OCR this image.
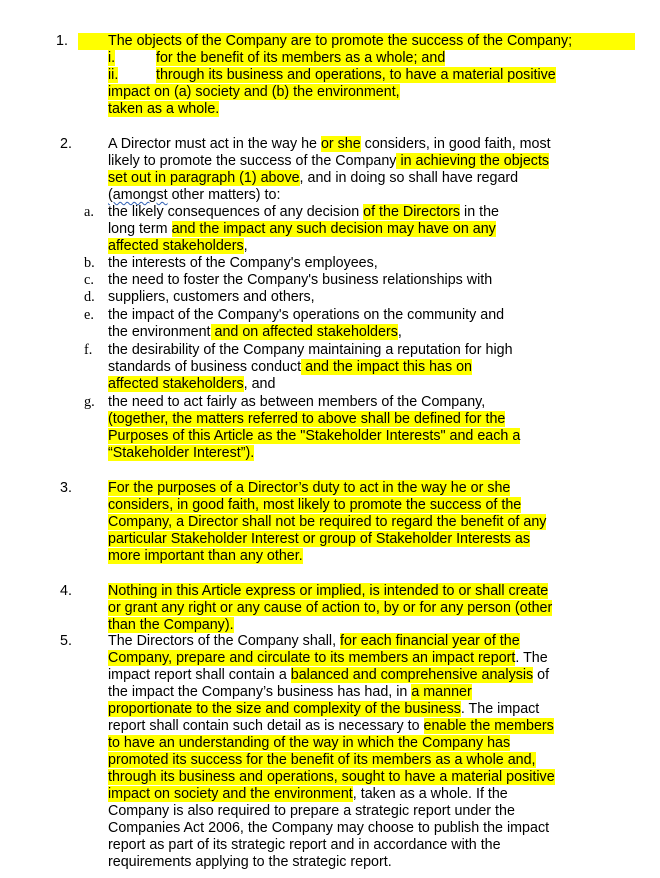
1.	The objects of the Company are to promote the success of the Company;
i.	for the benefit of its members as a whole; and
ii.	through its business and operations, to have a material positive
impact on (a) society and (b) the environment,
taken as a whole.
2.	A Director must act in the way he or she considers, in good faith, most
likely to promote the success of the Company in achieving the objects
set out in paragraph (1) above, and in doing so shall have regard
(amongst other matters) to:
a. the likely consequences of any decision of the Directors in the
long term and the impact any such decision may have on any
affected stakeholders,
b. the interests of the Company's employees,
c. the need to foster the Company's business relationships with
d. suppliers, customers and others,
e. the impact of the Company's operations on the community and
the environment and on affected stakeholders,
f. the desirability of the Company maintaining a reputation for high
standards of business conduct and the impact this has on
affected stakeholders, and
g. the need to act fairly as between members of the Company,
(together, the matters referred to above shall be defined for the
Purposes of this Article as the "Stakeholder Interests" and each a
“Stakeholder Interest”).
3.	For the purposes of a Director’s duty to act in the way he or she
considers, in good faith, most likely to promote the success of the
Company, a Director shall not be required to regard the benefit of any
particular Stakeholder Interest or group of Stakeholder Interests as
more important than any other.
4.	Nothing in this Article express or implied, is intended to or shall create
or grant any right or any cause of action to, by or for any person (other
than the Company).
5.	The Directors of the Company shall, for each financial year of the
Company, prepare and circulate to its members an impact report. The
impact report shall contain a balanced and comprehensive analysis of
the impact the Company’s business has had, in a manner
proportionate to the size and complexity of the business. The impact
report shall contain such detail as is necessary to enable the members
to have an understanding of the way in which the Company has
promoted its success for the benefit of its members as a whole and,
through its business and operations, sought to have a material positive
impact on society and the environment, taken as a whole. If the
Company is also required to prepare a strategic report under the
Companies Act 2006, the Company may choose to publish the impact
report as part of its strategic report and in accordance with the
requirements applying to the strategic report.
